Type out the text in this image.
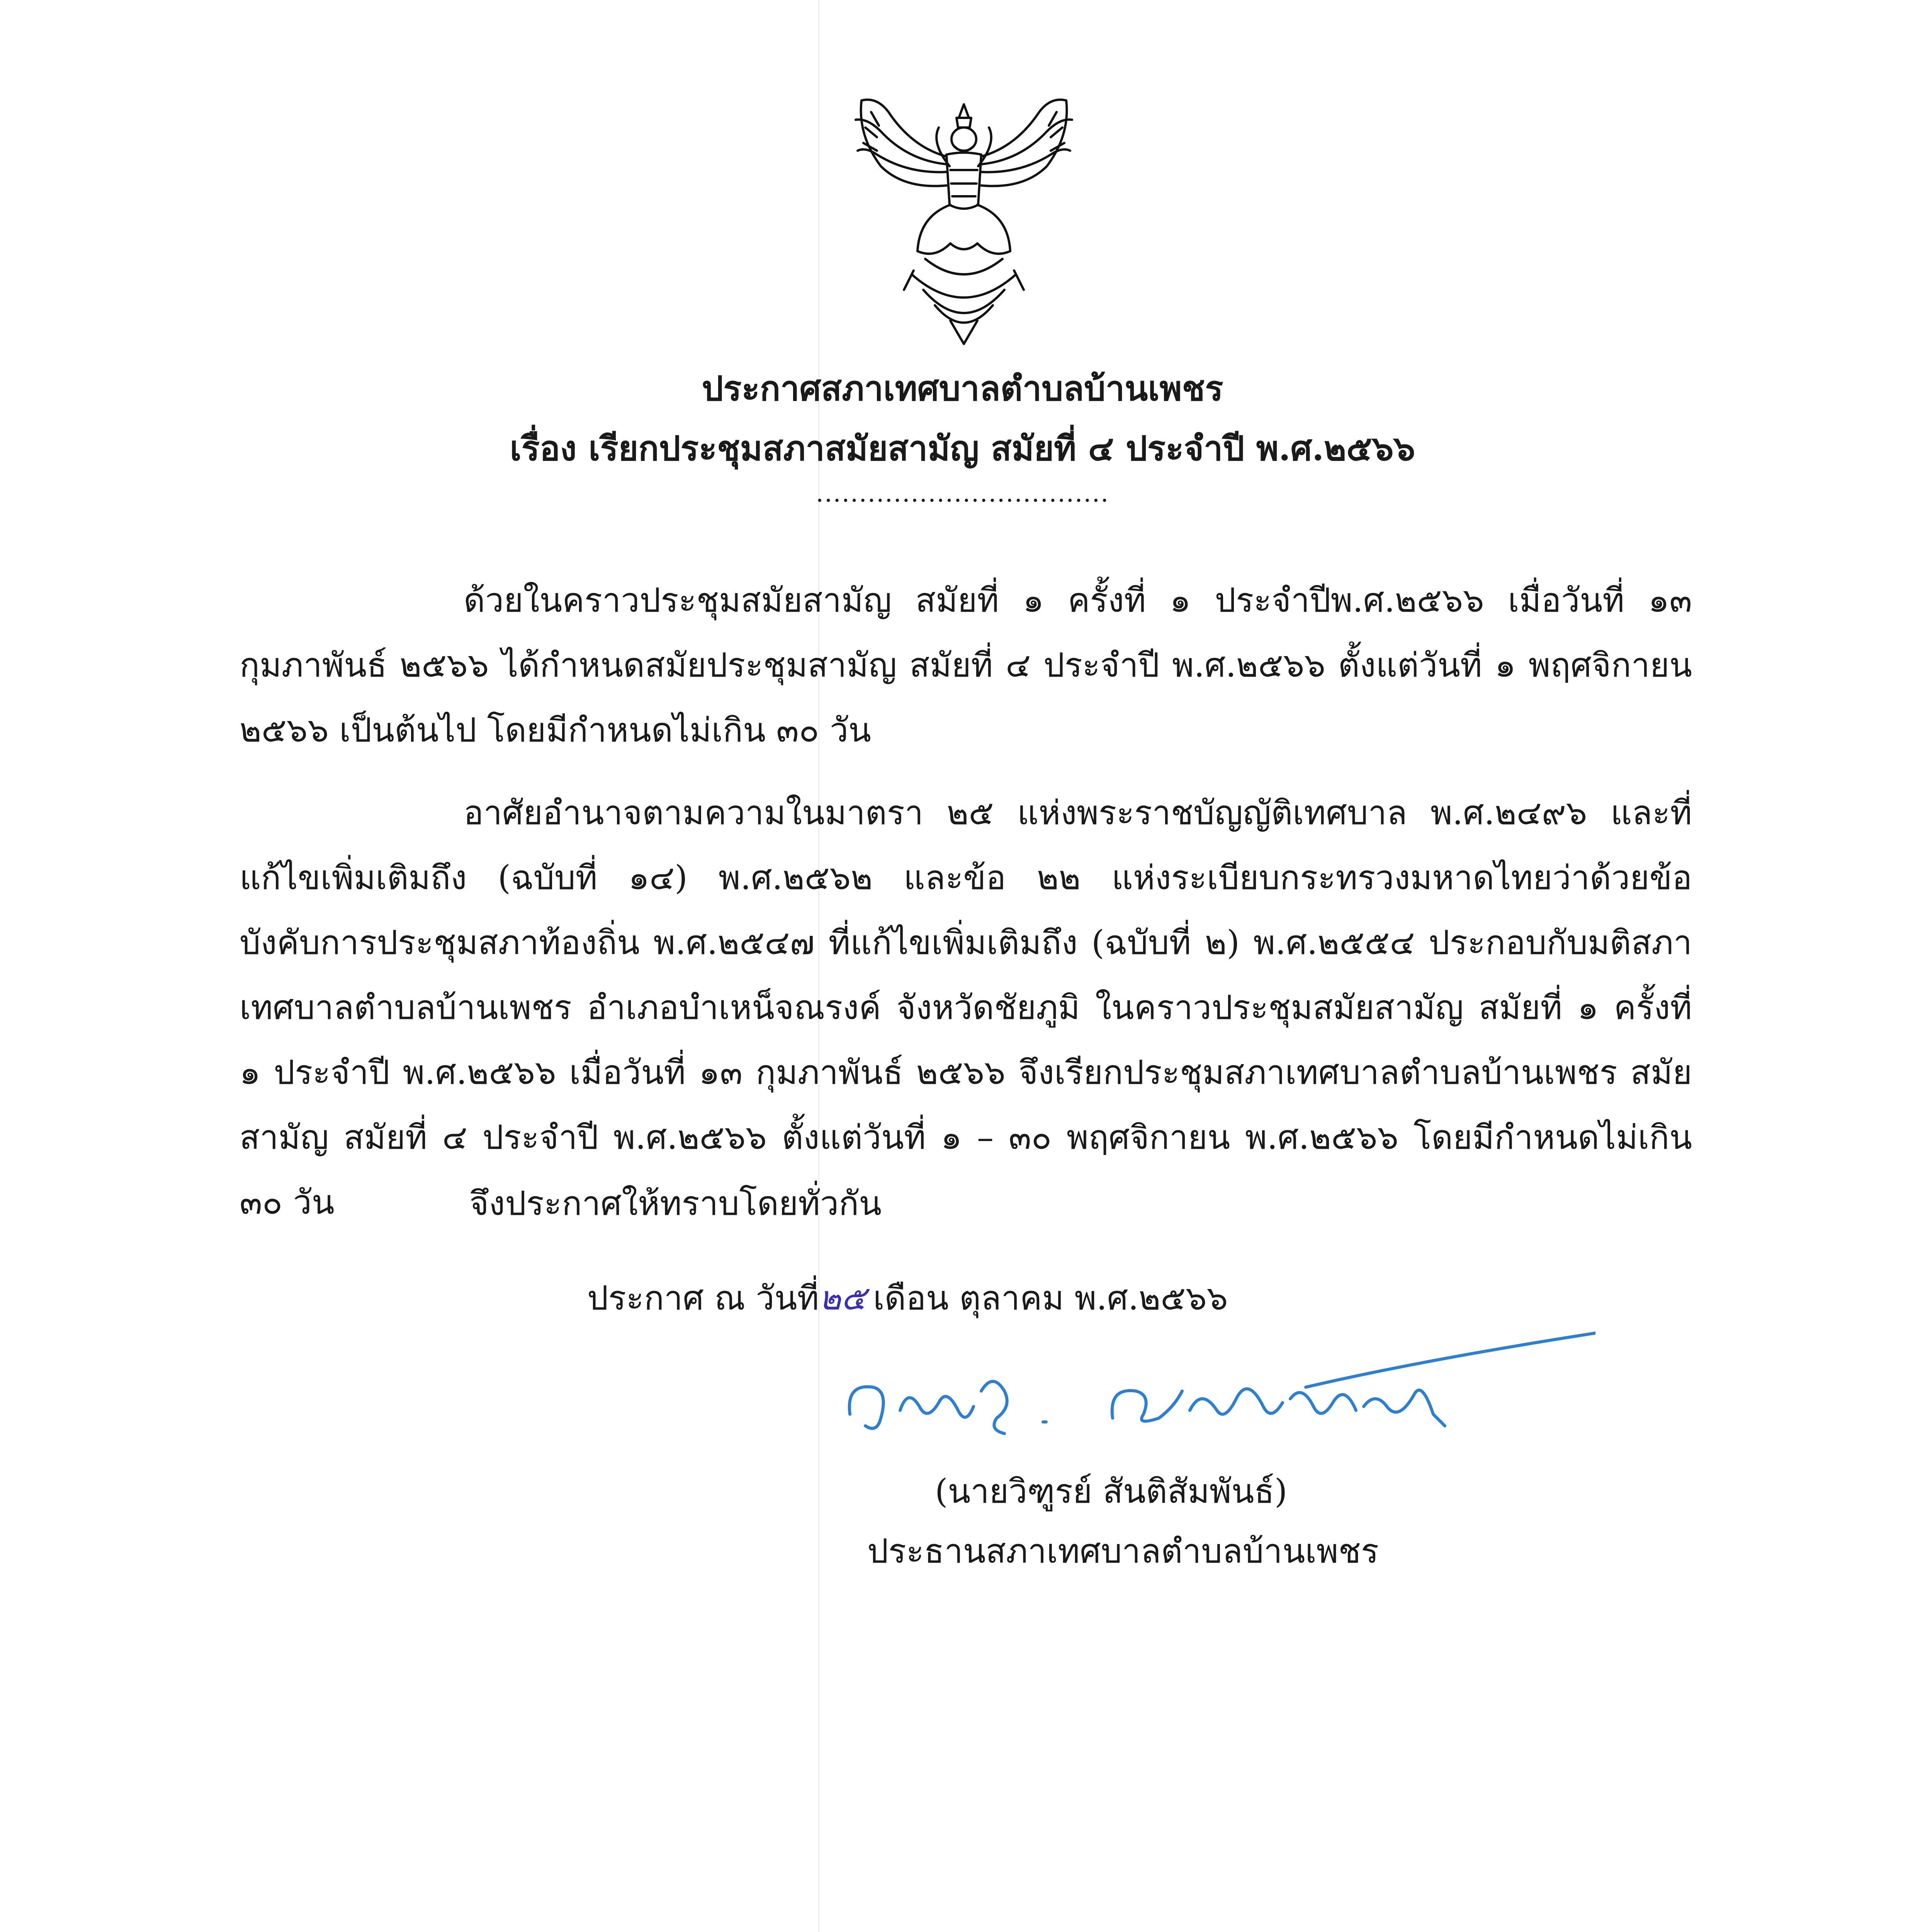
ประกาศสภาเทศบาลตำบลบ้านเพชร
เรื่อง เรียกประชุมสภาสมัยสามัญ สมัยที่ ๔ ประจำปี พ.ศ.๒๕๖๖
..................................
ด้วยในคราวประชุมสมัยสามัญ สมัยที่ ๑ ครั้งที่ ๑ ประจำปีพ.ศ.๒๕๖๖ เมื่อวันที่ ๑๓ กุมภาพันธ์ ๒๕๖๖ ได้กำหนดสมัยประชุมสามัญ สมัยที่ ๔ ประจำปี พ.ศ.๒๕๖๖ ตั้งแต่วันที่ ๑ พฤศจิกายน ๒๕๖๖ เป็นต้นไป โดยมีกำหนดไม่เกิน ๓๐ วัน
อาศัยอำนาจตามความในมาตรา ๒๕ แห่งพระราชบัญญัติเทศบาล พ.ศ.๒๔๙๖ และที่แก้ไขเพิ่มเติมถึง (ฉบับที่ ๑๔) พ.ศ.๒๕๖๒ และข้อ ๒๒ แห่งระเบียบกระทรวงมหาดไทยว่าด้วยข้อบังคับการประชุมสภาท้องถิ่น พ.ศ.๒๕๔๗ ที่แก้ไขเพิ่มเติมถึง (ฉบับที่ ๒) พ.ศ.๒๕๕๔ ประกอบกับมติสภาเทศบาลตำบลบ้านเพชร อำเภอบำเหน็จณรงค์ จังหวัดชัยภูมิ ในคราวประชุมสมัยสามัญ สมัยที่ ๑ ครั้งที่ ๑ ประจำปี พ.ศ.๒๕๖๖ เมื่อวันที่ ๑๓ กุมภาพันธ์ ๒๕๖๖ จึงเรียกประชุมสภาเทศบาลตำบลบ้านเพชร สมัยสามัญ สมัยที่ ๔ ประจำปี พ.ศ.๒๕๖๖ ตั้งแต่วันที่ ๑ – ๓๐ พฤศจิกายน พ.ศ.๒๕๖๖ โดยมีกำหนดไม่เกิน ๓๐ วัน	จึงประกาศให้ทราบโดยทั่วกัน
ประกาศ ณ วันที่๒๕ เดือน ตุลาคม พ.ศ.๒๕๖๖
(นายวิฑูรย์ สันติสัมพันธ์)
ประธานสภาเทศบาลตำบลบ้านเพชร
